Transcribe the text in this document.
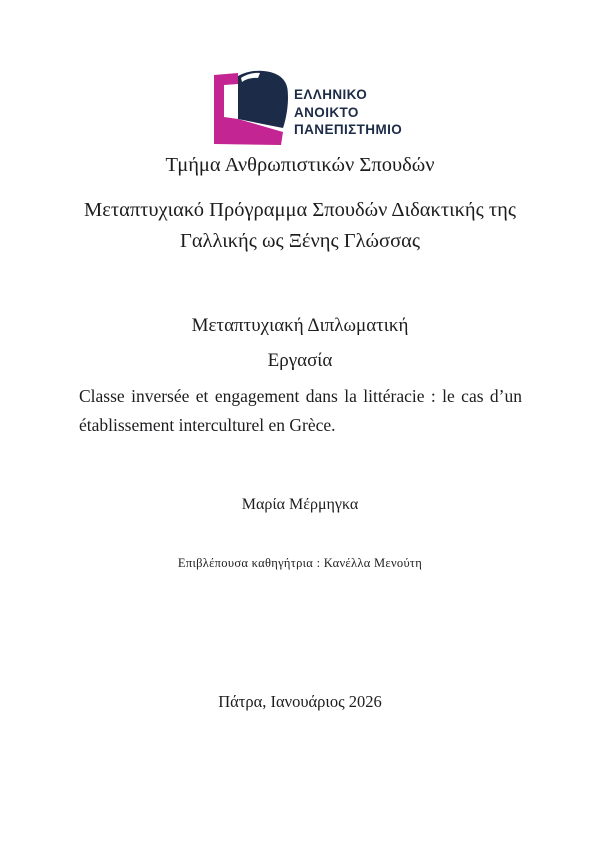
ΕΛΛΗΝΙΚΟ
ΑΝΟΙΚΤΟ
ΠΑΝΕΠΙΣΤΗΜΙΟ
Τμήμα Ανθρωπιστικών Σπουδών
Μεταπτυχιακό Πρόγραμμα Σπουδών Διδακτικής της
Γαλλικής ως Ξένης Γλώσσας
Μεταπτυχιακή Διπλωματική
Εργασία
Classe inversée et engagement dans la littéracie : le cas d’un
établissement interculturel en Grèce.
Μαρία Μέρμηγκα
Επιβλέπουσα καθηγήτρια : Κανέλλα Μενούτη
Πάτρα, Ιανουάριος 2026
